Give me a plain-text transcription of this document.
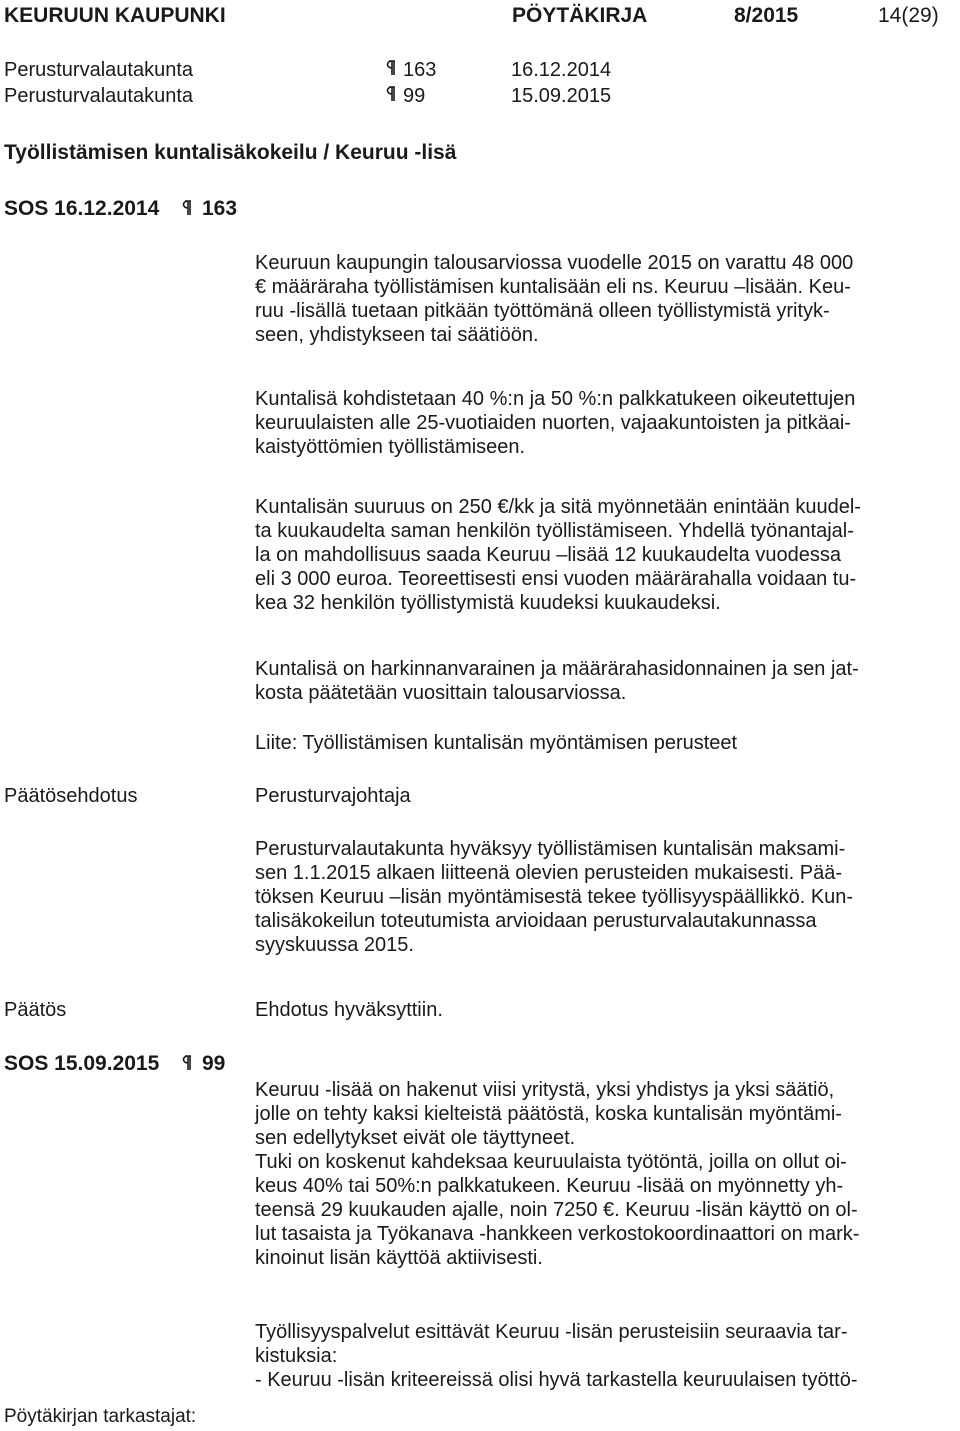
KEURUUN KAUPUNKI	PÖYTÄKIRJA	8/2015	14(29)
Perusturvalautakunta	163	16.12.2014
Perusturvalautakunta	99	15.09.2015
Työllistämisen kuntalisäkokeilu / Keuruu -lisä
SOS 16.12.2014 163
Keuruun kaupungin talousarviossa vuodelle 2015 on varattu 48 000
€ määräraha työllistämisen kuntalisään eli ns. Keuruu –lisään. Keu-
ruu -lisällä tuetaan pitkään työttömänä olleen työllistymistä yrityk-
seen, yhdistykseen tai säätiöön.
Kuntalisä kohdistetaan 40 %:n ja 50 %:n palkkatukeen oikeutettujen
keuruulaisten alle 25-vuotiaiden nuorten, vajaakuntoisten ja pitkäai-
kaistyöttömien työllistämiseen.
Kuntalisän suuruus on 250 €/kk ja sitä myönnetään enintään kuudel-
ta kuukaudelta saman henkilön työllistämiseen. Yhdellä työnantajal-
la on mahdollisuus saada Keuruu –lisää 12 kuukaudelta vuodessa
eli 3 000 euroa. Teoreettisesti ensi vuoden määrärahalla voidaan tu-
kea 32 henkilön työllistymistä kuudeksi kuukaudeksi.
Kuntalisä on harkinnanvarainen ja määrärahasidonnainen ja sen jat-
kosta päätetään vuosittain talousarviossa.
Liite: Työllistämisen kuntalisän myöntämisen perusteet
Päätösehdotus	Perusturvajohtaja
Perusturvalautakunta hyväksyy työllistämisen kuntalisän maksami-
sen 1.1.2015 alkaen liitteenä olevien perusteiden mukaisesti. Pää-
töksen Keuruu –lisän myöntämisestä tekee työllisyyspäällikkö. Kun-
talisäkokeilun toteutumista arvioidaan perusturvalautakunnassa
syyskuussa 2015.
Päätös	Ehdotus hyväksyttiin.
SOS 15.09.2015 99
Keuruu -lisää on hakenut viisi yritystä, yksi yhdistys ja yksi säätiö,
jolle on tehty kaksi kielteistä päätöstä, koska kuntalisän myöntämi-
sen edellytykset eivät ole täyttyneet.
Tuki on koskenut kahdeksaa keuruulaista työtöntä, joilla on ollut oi-
keus 40% tai 50%:n palkkatukeen. Keuruu -lisää on myönnetty yh-
teensä 29 kuukauden ajalle, noin 7250 €. Keuruu -lisän käyttö on ol-
lut tasaista ja Työkanava -hankkeen verkostokoordinaattori on mark-
kinoinut lisän käyttöä aktiivisesti.
Työllisyyspalvelut esittävät Keuruu -lisän perusteisiin seuraavia tar-
kistuksia:
- Keuruu -lisän kriteereissä olisi hyvä tarkastella keuruulaisen työttö-
Pöytäkirjan tarkastajat:
